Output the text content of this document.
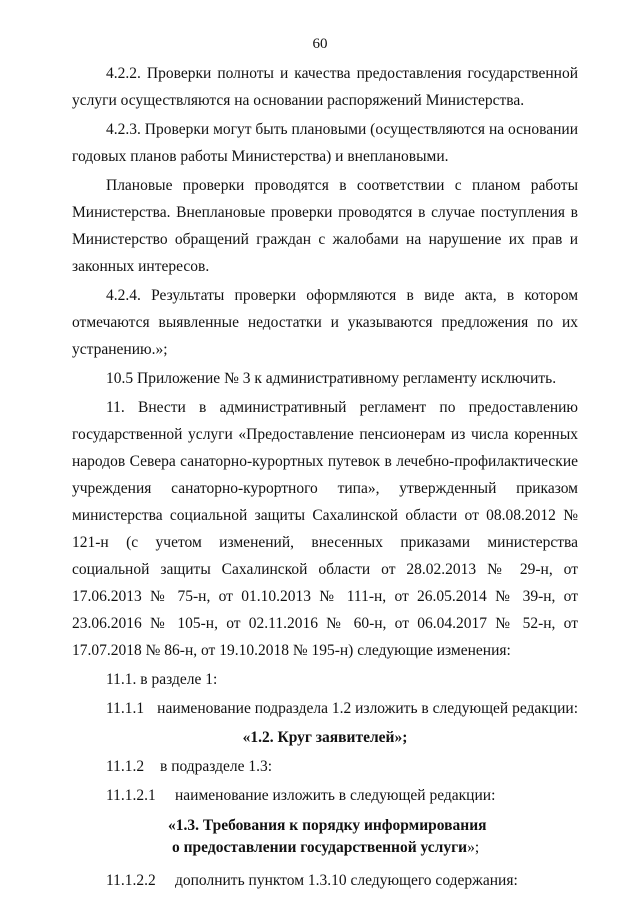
60

4.2.2. Проверки полноты и качества предоставления государственной услуги осуществляются на основании распоряжений Министерства.

4.2.3. Проверки могут быть плановыми (осуществляются на основании годовых планов работы Министерства) и внеплановыми.

Плановые проверки проводятся в соответствии с планом работы Министерства. Внеплановые проверки проводятся в случае поступления в Министерство обращений граждан с жалобами на нарушение их прав и законных интересов.

4.2.4. Результаты проверки оформляются в виде акта, в котором отмечаются выявленные недостатки и указываются предложения по их устранению.»;

10.5 Приложение № 3 к административному регламенту исключить.

11. Внести в административный регламент по предоставлению государственной услуги «Предоставление пенсионерам из числа коренных народов Севера санаторно-курортных путевок в лечебно-профилактические учреждения санаторно-курортного типа», утвержденный приказом министерства социальной защиты Сахалинской области от 08.08.2012 № 121-н (с учетом изменений, внесенных приказами министерства социальной защиты Сахалинской области от 28.02.2013 № 29-н, от 17.06.2013 № 75-н, от 01.10.2013 № 111-н, от 26.05.2014 № 39-н, от 23.06.2016 № 105-н, от 02.11.2016 № 60-н, от 06.04.2017 № 52-н, от 17.07.2018 № 86-н, от 19.10.2018 № 195-н) следующие изменения:

11.1. в разделе 1:
11.1.1 наименование подраздела 1.2 изложить в следующей редакции:

«1.2. Круг заявителей»;

11.1.2	в подразделе 1.3:
11.1.2.1	наименование изложить в следующей редакции:
«1.3. Требования к порядку информирования
о предоставлении государственной услуги»;
11.1.2.2	дополнить пунктом 1.3.10 следующего содержания:
